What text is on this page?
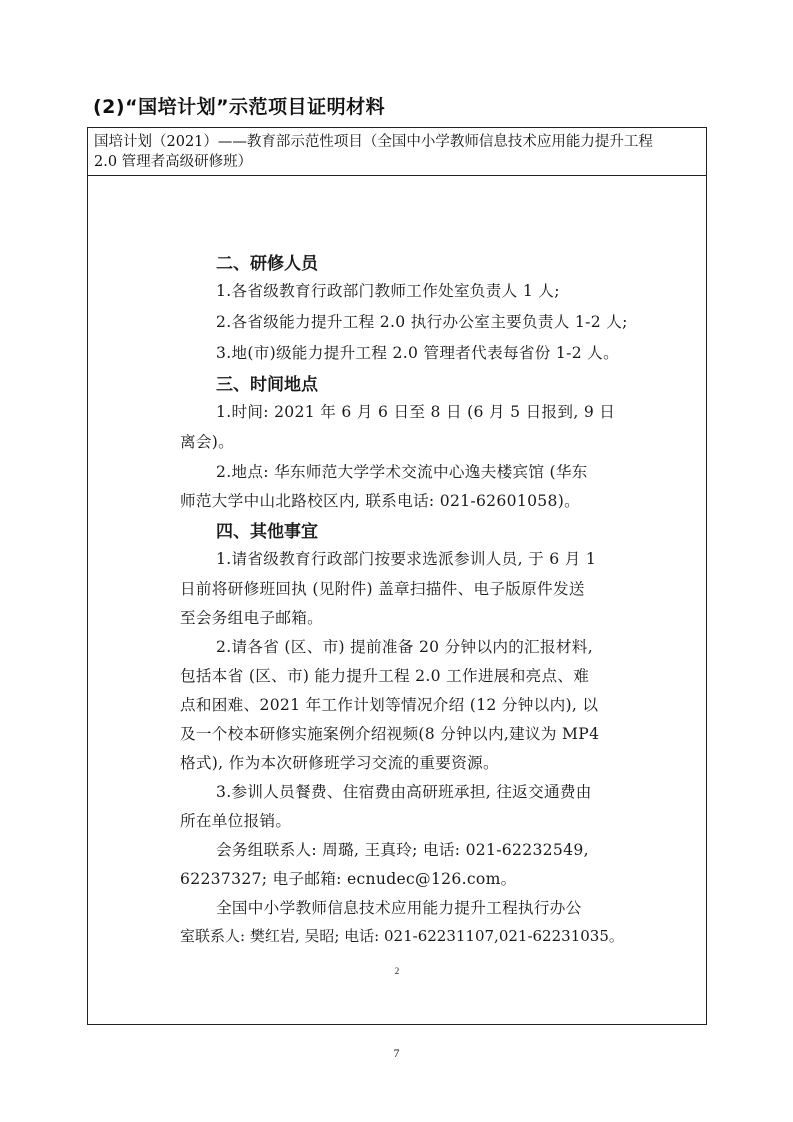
(2)“国培计划”示范项目证明材料
国培计划（2021）——教育部示范性项目（全国中小学教师信息技术应用能力提升工程
2.0 管理者高级研修班）
二、研修人员
1.各省级教育行政部门教师工作处室负责人 1 人;
2.各省级能力提升工程 2.0 执行办公室主要负责人 1-2 人;
3.地(市)级能力提升工程 2.0 管理者代表每省份 1-2 人。
三、时间地点
1.时间: 2021 年 6 月 6 日至 8 日 (6 月 5 日报到, 9 日
离会)。
2.地点: 华东师范大学学术交流中心逸夫楼宾馆 (华东
师范大学中山北路校区内, 联系电话: 021-62601058)。
四、其他事宜
1.请省级教育行政部门按要求选派参训人员, 于 6 月 1
日前将研修班回执 (见附件) 盖章扫描件、电子版原件发送
至会务组电子邮箱。
2.请各省 (区、市) 提前准备 20 分钟以内的汇报材料,
包括本省 (区、市) 能力提升工程 2.0 工作进展和亮点、难
点和困难、2021 年工作计划等情况介绍 (12 分钟以内), 以
及一个校本研修实施案例介绍视频(8 分钟以内,建议为 MP4
格式), 作为本次研修班学习交流的重要资源。
3.参训人员餐费、住宿费由高研班承担, 往返交通费由
所在单位报销。
会务组联系人: 周璐, 王真玲; 电话: 021-62232549,
62237327; 电子邮箱: ecnudec@126.com。
全国中小学教师信息技术应用能力提升工程执行办公
室联系人: 樊红岩, 吴昭; 电话: 021-62231107,021-62231035。
2
7
